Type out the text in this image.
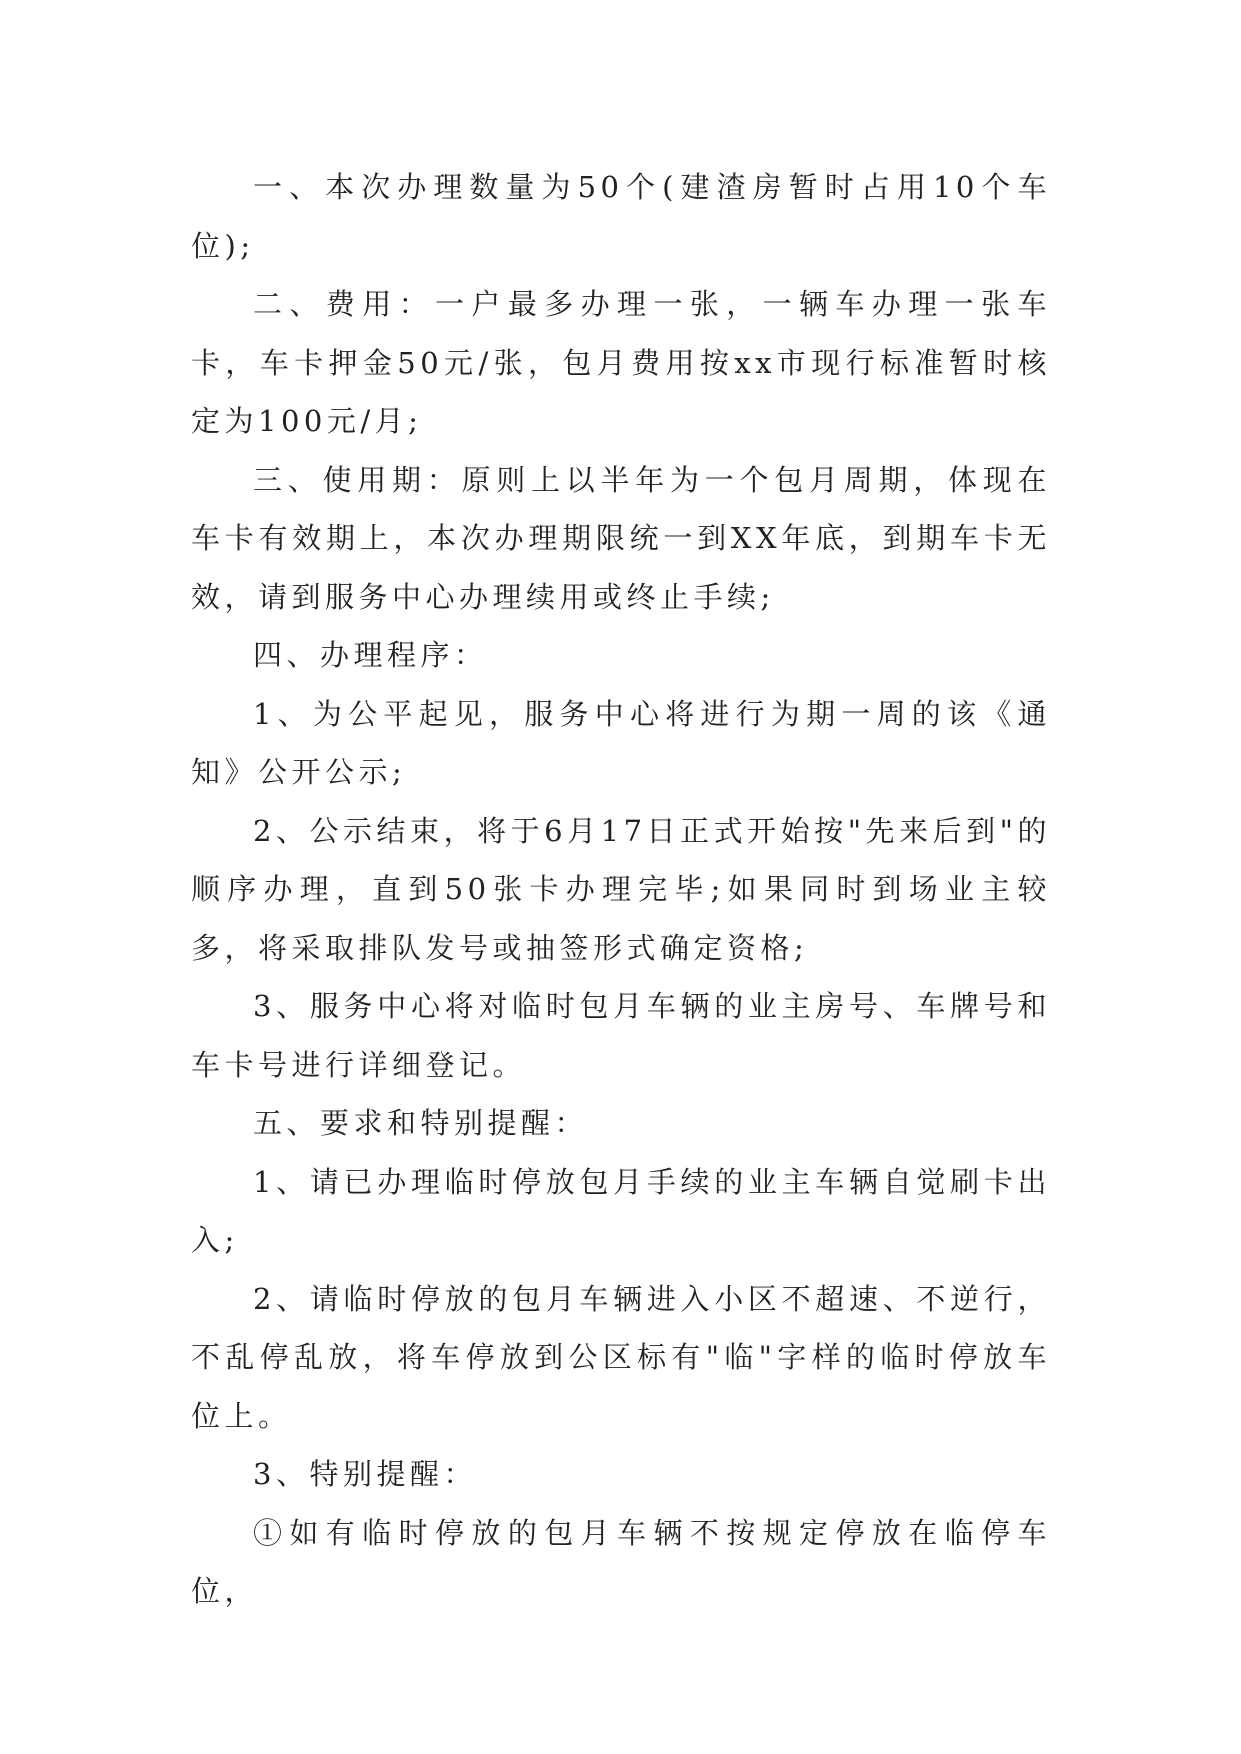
一、本次办理数量为50个(建渣房暂时占用10个车位);

二、费用：一户最多办理一张，一辆车办理一张车卡，车卡押金50元/张，包月费用按xx市现行标准暂时核定为100元/月;

三、使用期：原则上以半年为一个包月周期，体现在车卡有效期上，本次办理期限统一到XX年底，到期车卡无效，请到服务中心办理续用或终止手续;

四、办理程序：

1、为公平起见，服务中心将进行为期一周的该《通知》公开公示;

2、公示结束，将于6月17日正式开始按"先来后到"的顺序办理，直到50张卡办理完毕;如果同时到场业主较多，将采取排队发号或抽签形式确定资格;

3、服务中心将对临时包月车辆的业主房号、车牌号和车卡号进行详细登记。

五、要求和特别提醒：

1、请已办理临时停放包月手续的业主车辆自觉刷卡出入;

2、请临时停放的包月车辆进入小区不超速、不逆行，不乱停乱放，将车停放到公区标有"临"字样的临时停放车位上。

3、特别提醒：

①如有临时停放的包月车辆不按规定停放在临停车位，
